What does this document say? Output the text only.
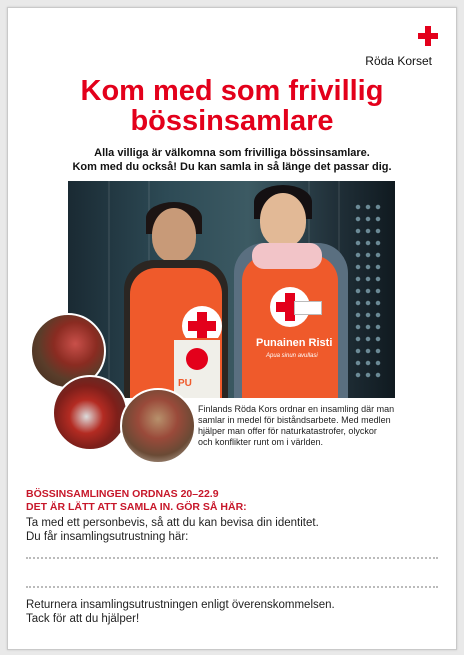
Röda Korset
Kom med som frivillig
bössinsamlare
Alla villiga är välkomna som frivilliga bössinsamlare.
Kom med du också! Du kan samla in så länge det passar dig.
PU
Punainen Risti
Apua sinun avullasi
Finlands Röda Kors ordnar en insamling där man
samlar in medel för biståndsarbete. Med medlen
hjälper man offer för naturkatastrofer, olyckor
och konflikter runt om i världen.
BÖSSINSAMLINGEN ORDNAS 20–22.9
DET ÄR LÄTT ATT SAMLA IN. GÖR SÅ HÄR:
Ta med ett personbevis, så att du kan bevisa din identitet.
Du får insamlingsutrustning här:
Returnera insamlingsutrustningen enligt överenskommelsen.
Tack för att du hjälper!
